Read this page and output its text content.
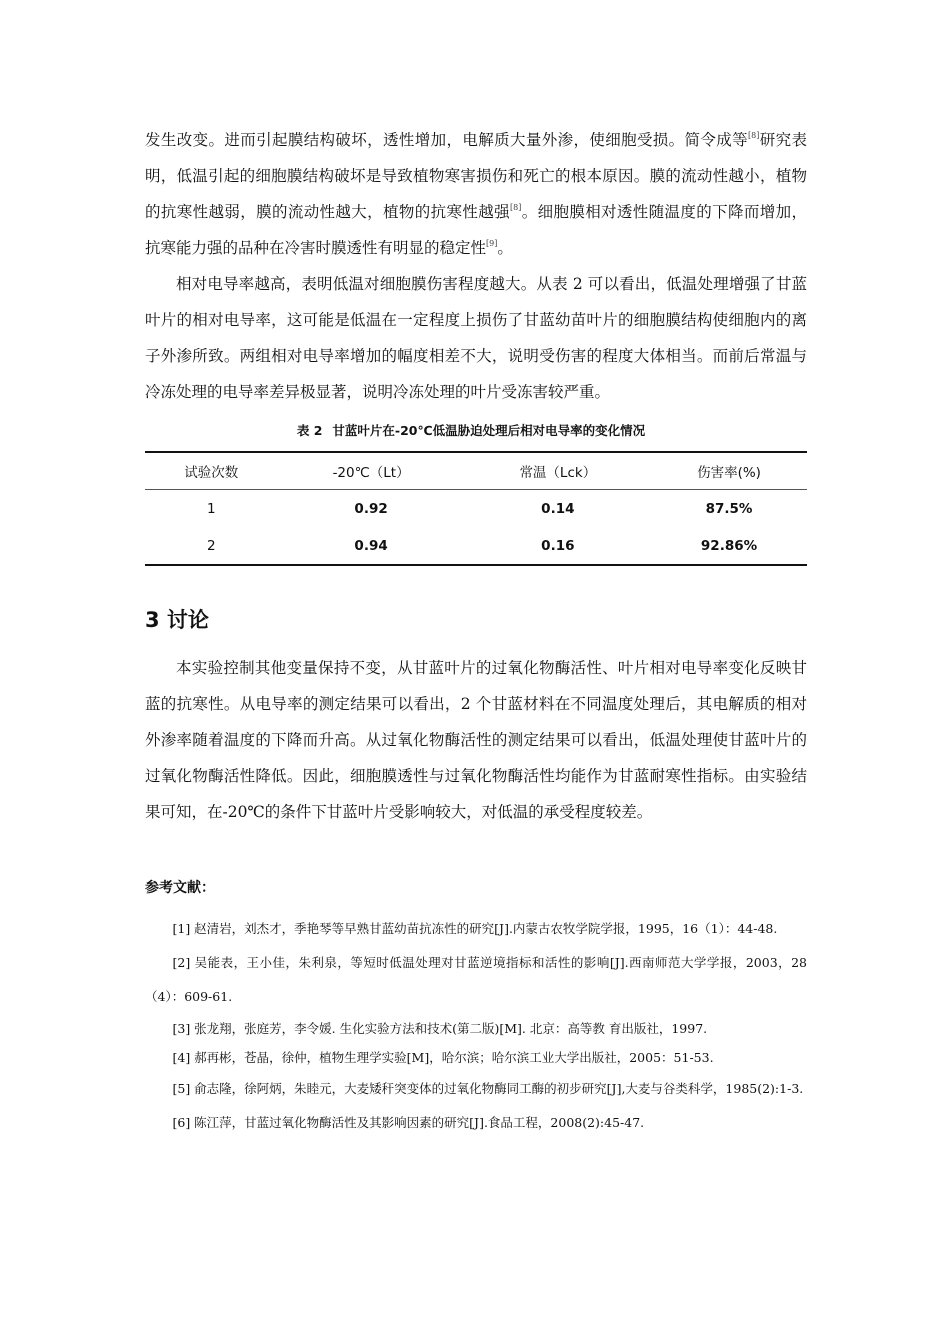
发生改变。进而引起膜结构破坏，透性增加，电解质大量外渗，使细胞受损。简令成等[8]研究表明，低温引起的细胞膜结构破坏是导致植物寒害损伤和死亡的根本原因。膜的流动性越小，植物的抗寒性越弱，膜的流动性越大，植物的抗寒性越强[8]。细胞膜相对透性随温度的下降而增加，抗寒能力强的品种在冷害时膜透性有明显的稳定性[9]。

相对电导率越高，表明低温对细胞膜伤害程度越大。从表 2 可以看出，低温处理增强了甘蓝叶片的相对电导率，这可能是低温在一定程度上损伤了甘蓝幼苗叶片的细胞膜结构使细胞内的离子外渗所致。两组相对电导率增加的幅度相差不大，说明受伤害的程度大体相当。而前后常温与冷冻处理的电导率差异极显著，说明冷冻处理的叶片受冻害较严重。

表 2 甘蓝叶片在-20℃低温胁迫处理后相对电导率的变化情况
试验次数	-20℃（Lt）	常温（Lck）	伤害率(%)
1	0.92	0.14	87.5%
2	0.94	0.16	92.86%
3 讨论

本实验控制其他变量保持不变，从甘蓝叶片的过氧化物酶活性、叶片相对电导率变化反映甘蓝的抗寒性。从电导率的测定结果可以看出，2 个甘蓝材料在不同温度处理后，其电解质的相对外渗率随着温度的下降而升高。从过氧化物酶活性的测定结果可以看出，低温处理使甘蓝叶片的过氧化物酶活性降低。因此，细胞膜透性与过氧化物酶活性均能作为甘蓝耐寒性指标。由实验结果可知，在-20℃的条件下甘蓝叶片受影响较大，对低温的承受程度较差。

参考文献：

[1] 赵清岩，刘杰才，季艳琴等早熟甘蓝幼苗抗冻性的研究[J].内蒙古农牧学院学报，1995，16（1）：44-48.

[2] 吴能表，王小佳，朱利泉，等短时低温处理对甘蓝逆境指标和活性的影响[J].西南师范大学学报，2003，28（4）：609-61.

[3] 张龙翔，张庭芳，李令媛. 生化实验方法和技术(第二版)[M]. 北京：高等教 育出版社，1997.

[4] 郝再彬，苍晶，徐仲，植物生理学实验[M]，哈尔滨；哈尔滨工业大学出版社，2005：51-53.

[5] 俞志隆，徐阿炳，朱睦元，大麦矮秆突变体的过氧化物酶同工酶的初步研究[J],大麦与谷类科学，1985(2):1-3.

[6] 陈江萍，甘蓝过氧化物酶活性及其影响因素的研究[J].食品工程，2008(2):45-47.
